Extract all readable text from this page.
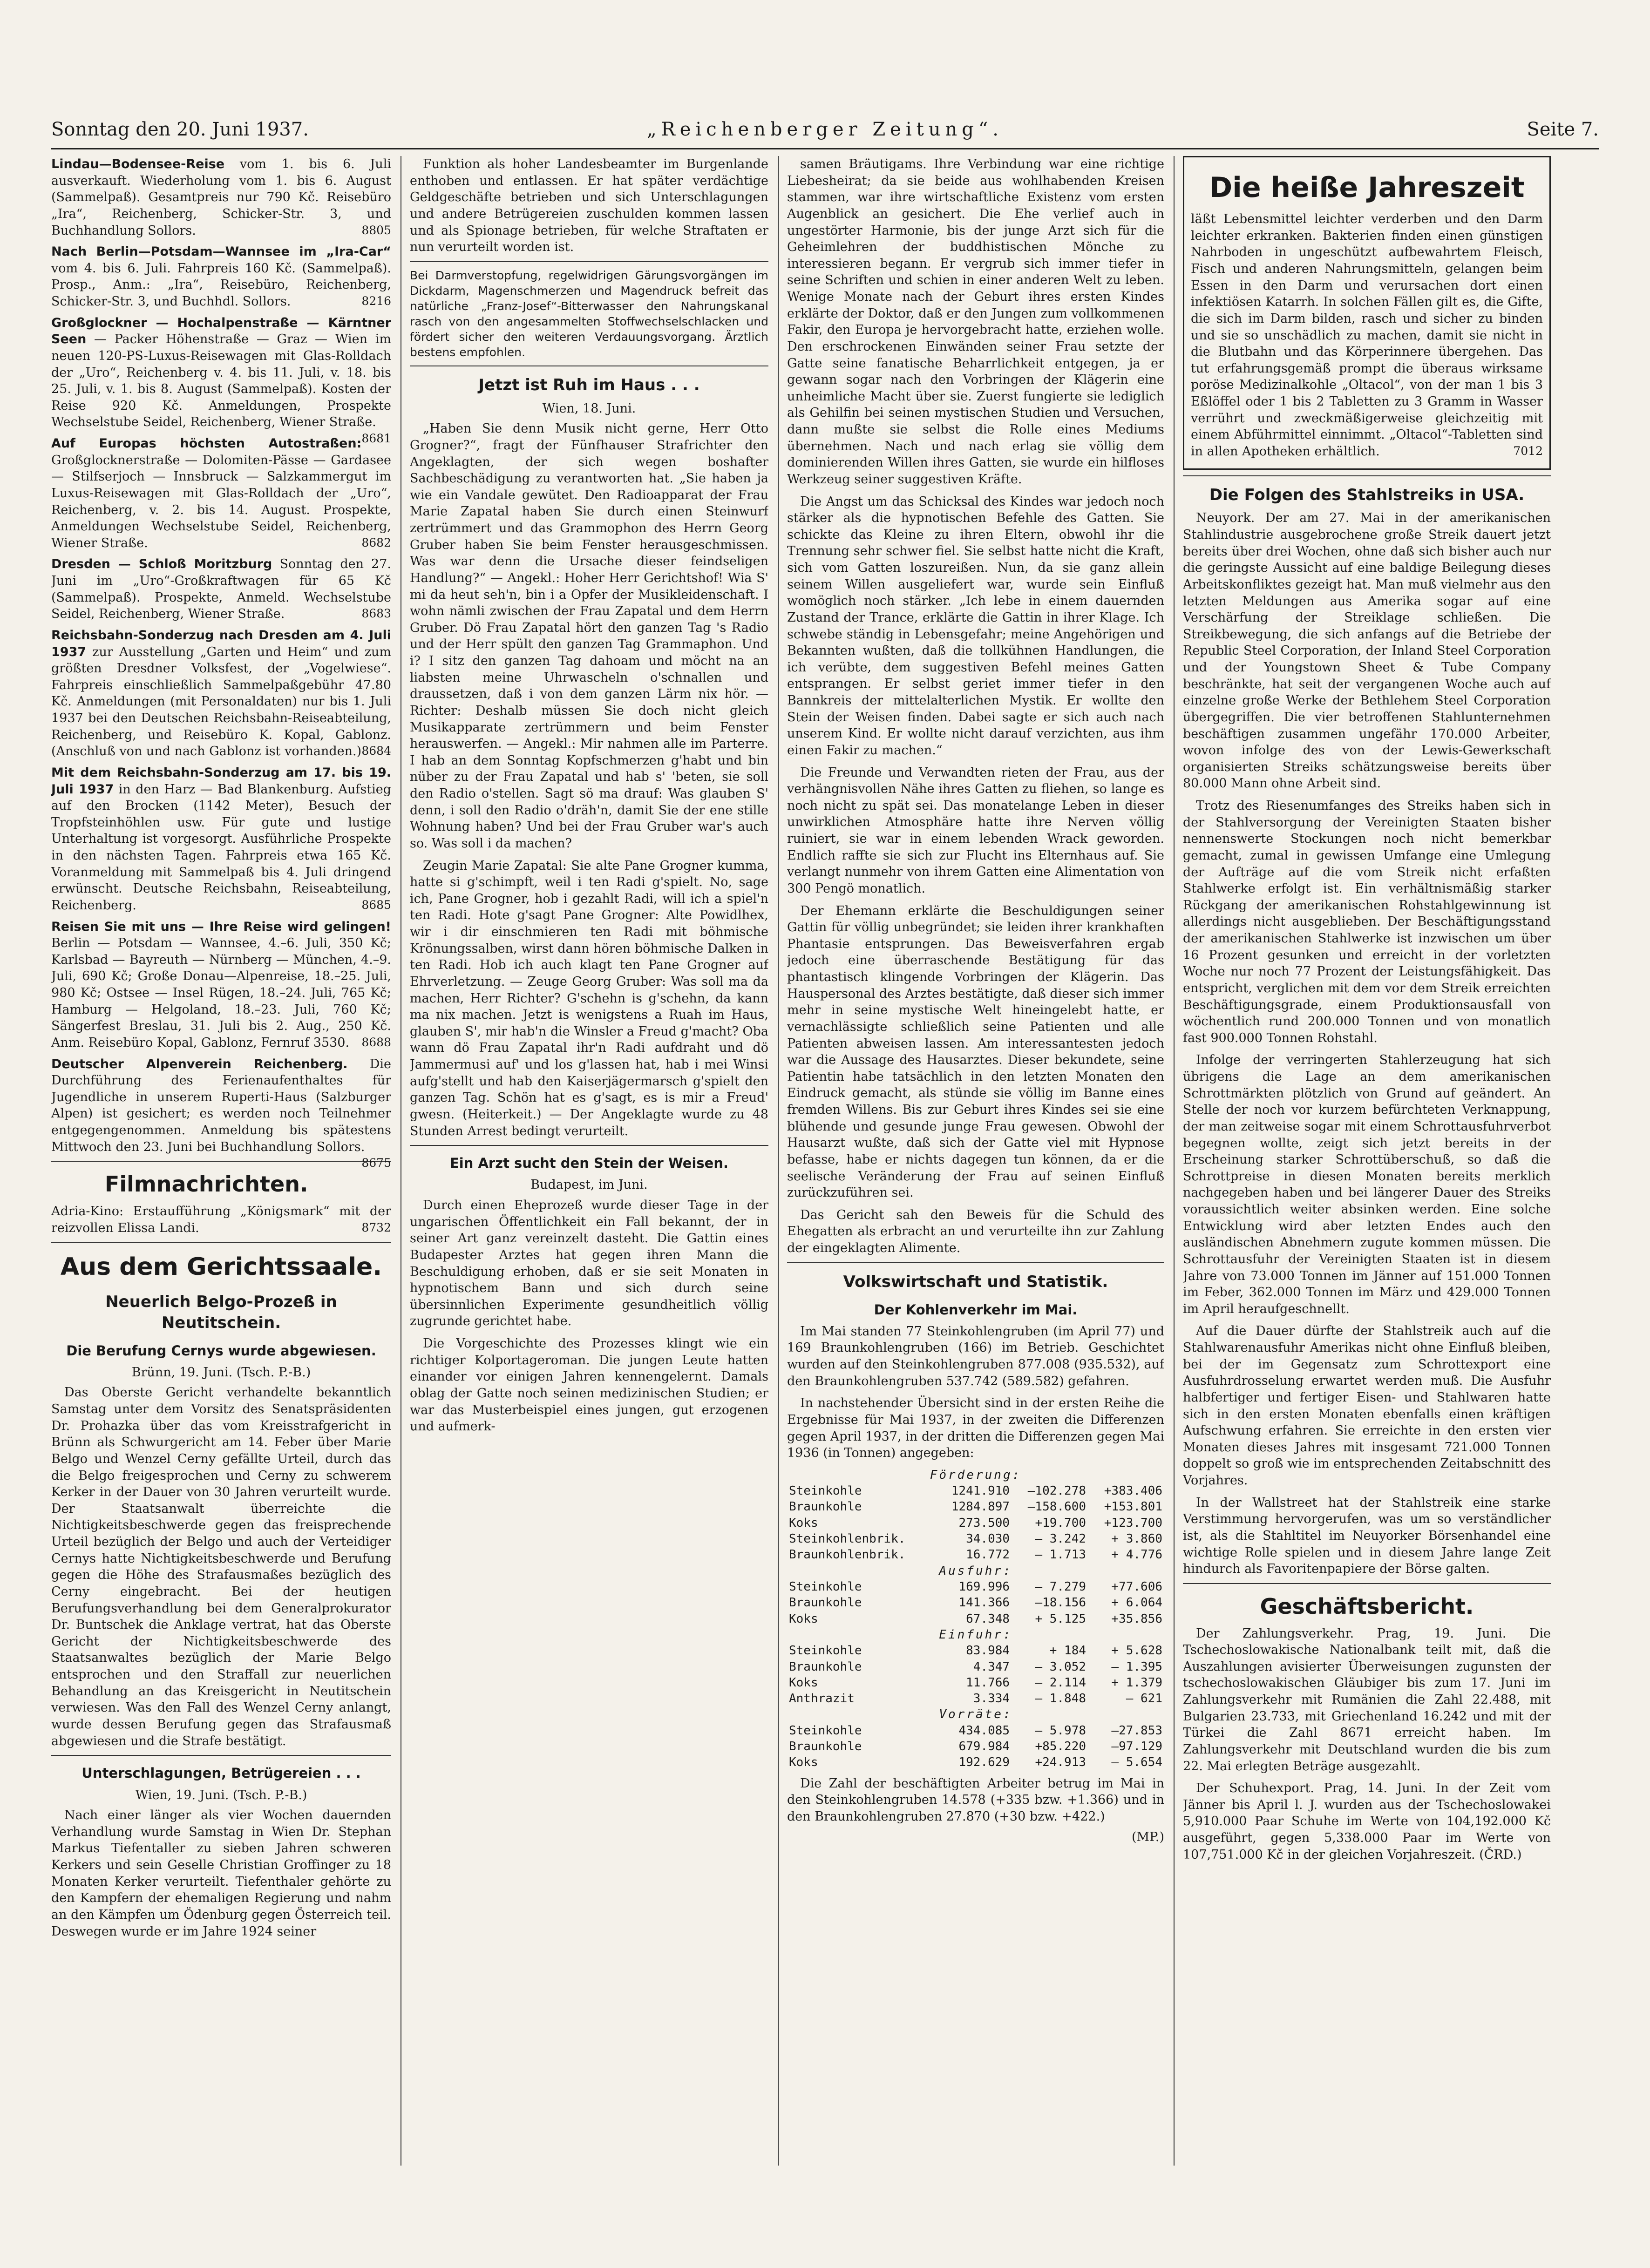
Sonntag den 20. Juni 1937.	„Reichenberger Zeitung“.	Seite 7.

Lindau—Bodensee-Reise vom 1. bis 6. Juli ausverkauft. Wiederholung vom 1. bis 6. August (Sammelpaß). Gesamtpreis nur 790 Kč. Reisebüro „Ira“, Reichenberg, Schicker-Str. 3, und Buchhandlung Sollors.	8805

Nach Berlin—Potsdam—Wannsee im „Ira-Car“ vom 4. bis 6. Juli. Fahrpreis 160 Kč. (Sammelpaß). Prosp., Anm.: „Ira“, Reisebüro, Reichenberg, Schicker-Str. 3, und Buchhdl. Sollors.	8216

Großglockner — Hochalpenstraße — Kärntner Seen — Packer Höhenstraße — Graz — Wien im neuen 120-PS-Luxus-Reisewagen mit Glas-Rolldach der „Uro“, Reichenberg v. 4. bis 11. Juli, v. 18. bis 25. Juli, v. 1. bis 8. August (Sammelpaß). Kosten der Reise 920 Kč. Anmeldungen, Prospekte Wechselstube Seidel, Reichenberg, Wiener Straße.
8681

Auf Europas höchsten Autostraßen: Großglocknerstraße — Dolomiten-Pässe — Gardasee — Stilfserjoch — Innsbruck — Salzkammergut im Luxus-Reisewagen mit Glas-Rolldach der „Uro“, Reichenberg, v. 2. bis 14. August. Prospekte, Anmeldungen Wechselstube Seidel, Reichenberg, Wiener Straße.	8682

Dresden — Schloß Moritzburg Sonntag den 27. Juni im „Uro“-Großkraftwagen für 65 Kč (Sammelpaß). Prospekte, Anmeld. Wechselstube Seidel, Reichenberg, Wiener Straße.	8683

Reichsbahn-Sonderzug nach Dresden am 4. Juli 1937 zur Ausstellung „Garten und Heim“ und zum größten Dresdner Volksfest, der „Vogelwiese“. Fahrpreis einschließlich Sammelpaßgebühr 47.80 Kč. Anmeldungen (mit Personaldaten) nur bis 1. Juli 1937 bei den Deutschen Reichsbahn-Reiseabteilung, Reichenberg, und Reisebüro K. Kopal, Gablonz. (Anschluß von und nach Gablonz ist vorhanden.) 8684

Mit dem Reichsbahn-Sonderzug am 17. bis 19. Juli 1937 in den Harz — Bad Blankenburg. Aufstieg auf den Brocken (1142 Meter), Besuch der Tropfsteinhöhlen usw. Für gute und lustige Unterhaltung ist vorgesorgt. Ausführliche Prospekte in den nächsten Tagen. Fahrpreis etwa 165 Kč. Voranmeldung mit Sammelpaß bis 4. Juli dringend erwünscht. Deutsche Reichsbahn, Reiseabteilung, Reichenberg.	8685

Reisen Sie mit uns — Ihre Reise wird gelingen! Berlin — Potsdam — Wannsee, 4.–6. Juli, 350 Kč; Karlsbad — Bayreuth — Nürnberg — München, 4.–9. Juli, 690 Kč; Große Donau—Alpenreise, 18.–25. Juli, 980 Kč; Ostsee — Insel Rügen, 18.–24. Juli, 765 Kč; Hamburg — Helgoland, 18.–23. Juli, 760 Kč; Sängerfest Breslau, 31. Juli bis 2. Aug., 250 Kč. Anm. Reisebüro Kopal, Gablonz, Fernruf 3530. 8688

Deutscher Alpenverein Reichenberg. Die Durchführung des Ferienaufenthaltes für Jugendliche in unserem Ruperti-Haus (Salzburger Alpen) ist gesichert; es werden noch Teilnehmer entgegengenommen. Anmeldung bis spätestens Mittwoch den 23. Juni bei Buchhandlung Sollors.
8675

Filmnachrichten.

Adria-Kino: Erstaufführung „Königsmark“ mit der reizvollen Elissa Landi.	8732

Aus dem Gerichtssaale.
Neuerlich Belgo-Prozeß in Neutitschein.
Die Berufung Cernys wurde abgewiesen.
Brünn, 19. Juni. (Tsch. P.-B.)

Das Oberste Gericht verhandelte bekanntlich Samstag unter dem Vorsitz des Senatspräsidenten Dr. Prohazka über das vom Kreisstrafgericht in Brünn als Schwurgericht am 14. Feber über Marie Belgo und Wenzel Cerny gefällte Urteil, durch das die Belgo freigesprochen und Cerny zu schwerem Kerker in der Dauer von 30 Jahren verurteilt wurde. Der Staatsanwalt überreichte die Nichtigkeitsbeschwerde gegen das freisprechende Urteil bezüglich der Belgo und auch der Verteidiger Cernys hatte Nichtigkeitsbeschwerde und Berufung gegen die Höhe des Strafausmaßes bezüglich des Cerny eingebracht. Bei der heutigen Berufungsverhandlung bei dem Generalprokurator Dr. Buntschek die Anklage vertrat, hat das Oberste Gericht der Nichtigkeitsbeschwerde des Staatsanwaltes bezüglich der Marie Belgo entsprochen und den Straffall zur neuerlichen Behandlung an das Kreisgericht in Neutitschein verwiesen. Was den Fall des Wenzel Cerny anlangt, wurde dessen Berufung gegen das Strafausmaß abgewiesen und die Strafe bestätigt.

Unterschlagungen, Betrügereien . . .
Wien, 19. Juni. (Tsch. P.-B.)

Nach einer länger als vier Wochen dauernden Verhandlung wurde Samstag in Wien Dr. Stephan Markus Tiefentaller zu sieben Jahren schweren Kerkers und sein Geselle Christian Groffinger zu 18 Monaten Kerker verurteilt. Tiefenthaler gehörte zu den Kampfern der ehemaligen Regierung und nahm an den Kämpfen um Ödenburg gegen Österreich teil. Deswegen wurde er im Jahre 1924 seiner

Funktion als hoher Landesbeamter im Burgenlande enthoben und entlassen. Er hat später verdächtige Geldgeschäfte betrieben und sich Unterschlagungen und andere Betrügereien zuschulden kommen lassen und als Spionage betrieben, für welche Straftaten er nun verurteilt worden ist.

Bei Darmverstopfung, regelwidrigen Gärungsvorgängen im Dickdarm, Magenschmerzen und Magendruck befreit das natürliche „Franz-Josef“-Bitterwasser den Nahrungskanal rasch von den angesammelten Stoffwechselschlacken und fördert sicher den weiteren Verdauungsvorgang. Ärztlich bestens empfohlen.

Jetzt ist Ruh im Haus . . .
Wien, 18. Juni.

„Haben Sie denn Musik nicht gerne, Herr Otto Grogner?“, fragt der Fünfhauser Strafrichter den Angeklagten, der sich wegen boshafter Sachbeschädigung zu verantworten hat. „Sie haben ja wie ein Vandale gewütet. Den Radioapparat der Frau Marie Zapatal haben Sie durch einen Steinwurf zertrümmert und das Grammophon des Herrn Georg Gruber haben Sie beim Fenster herausgeschmissen. Was war denn die Ursache dieser feindseligen Handlung?“ — Angekl.: Hoher Herr Gerichtshof! Wia S' mi da heut seh'n, bin i a Opfer der Musikleidenschaft. I wohn nämli zwischen der Frau Zapatal und dem Herrn Gruber. Dö Frau Zapatal hört den ganzen Tag 's Radio und der Herr spült den ganzen Tag Grammaphon. Und i? I sitz den ganzen Tag dahoam und möcht na an liabsten meine Uhrwascheln o'schnallen und draussetzen, daß i von dem ganzen Lärm nix hör. — Richter: Deshalb müssen Sie doch nicht gleich Musikapparate zertrümmern und beim Fenster herauswerfen. — Angekl.: Mir nahmen alle im Parterre. I hab an dem Sonntag Kopfschmerzen g'habt und bin nüber zu der Frau Zapatal und hab s' 'beten, sie soll den Radio o'stellen. Sagt sö ma drauf: Was glauben S' denn, i soll den Radio o'dräh'n, damit Sie der ene stille Wohnung haben? Und bei der Frau Gruber war's auch so. Was soll i da machen?

Zeugin Marie Zapatal: Sie alte Pane Grogner kumma, hatte si g'schimpft, weil i ten Radi g'spielt. No, sage ich, Pane Grogner, hob i gezahlt Radi, will ich a spiel'n ten Radi. Hote g'sagt Pane Grogner: Alte Powidlhex, wir i dir einschmieren ten Radi mit böhmische Krönungssalben, wirst dann hören böhmische Dalken in ten Radi. Hob ich auch klagt ten Pane Grogner auf Ehrverletzung. — Zeuge Georg Gruber: Was soll ma da machen, Herr Richter? G'schehn is g'schehn, da kann ma nix machen. Jetzt is wenigstens a Ruah im Haus, glauben S', mir hab'n die Winsler a Freud g'macht? Oba wann dö Frau Zapatal ihr'n Radi aufdraht und dö Jammermusi auf' und los g'lassen hat, hab i mei Winsi aufg'stellt und hab den Kaiserjägermarsch g'spielt den ganzen Tag. Schön hat es g'sagt, es is mir a Freud' gwesn. (Heiterkeit.) — Der Angeklagte wurde zu 48 Stunden Arrest bedingt verurteilt.

Ein Arzt sucht den Stein der Weisen.
Budapest, im Juni.

Durch einen Eheprozeß wurde dieser Tage in der ungarischen Öffentlichkeit ein Fall bekannt, der in seiner Art ganz vereinzelt dasteht. Die Gattin eines Budapester Arztes hat gegen ihren Mann die Beschuldigung erhoben, daß er sie seit Monaten in hypnotischem Bann und sich durch seine übersinnlichen Experimente gesundheitlich völlig zugrunde gerichtet habe.

Die Vorgeschichte des Prozesses klingt wie ein richtiger Kolportageroman. Die jungen Leute hatten einander vor einigen Jahren kennengelernt. Damals oblag der Gatte noch seinen medizinischen Studien; er war das Musterbeispiel eines jungen, gut erzogenen und aufmerk-

samen Bräutigams. Ihre Verbindung war eine richtige Liebesheirat; da sie beide aus wohlhabenden Kreisen stammen, war ihre wirtschaftliche Existenz vom ersten Augenblick an gesichert. Die Ehe verlief auch in ungestörter Harmonie, bis der junge Arzt sich für die Geheimlehren der buddhistischen Mönche zu interessieren begann. Er vergrub sich immer tiefer in seine Schriften und schien in einer anderen Welt zu leben. Wenige Monate nach der Geburt ihres ersten Kindes erklärte der Doktor, daß er den Jungen zum vollkommenen Fakir, den Europa je hervorgebracht hatte, erziehen wolle. Den erschrockenen Einwänden seiner Frau setzte der Gatte seine fanatische Beharrlichkeit entgegen, ja er gewann sogar nach den Vorbringen der Klägerin eine unheimliche Macht über sie. Zuerst fungierte sie lediglich als Gehilfin bei seinen mystischen Studien und Versuchen, dann mußte sie selbst die Rolle eines Mediums übernehmen. Nach und nach erlag sie völlig dem dominierenden Willen ihres Gatten, sie wurde ein hilfloses Werkzeug seiner suggestiven Kräfte.

Die Angst um das Schicksal des Kindes war jedoch noch stärker als die hypnotischen Befehle des Gatten. Sie schickte das Kleine zu ihren Eltern, obwohl ihr die Trennung sehr schwer fiel. Sie selbst hatte nicht die Kraft, sich vom Gatten loszureißen. Nun, da sie ganz allein seinem Willen ausgeliefert war, wurde sein Einfluß womöglich noch stärker. „Ich lebe in einem dauernden Zustand der Trance, erklärte die Gattin in ihrer Klage. Ich schwebe ständig in Lebensgefahr; meine Angehörigen und Bekannten wußten, daß die tollkühnen Handlungen, die ich verübte, dem suggestiven Befehl meines Gatten entsprangen. Er selbst geriet immer tiefer in den Bannkreis der mittelalterlichen Mystik. Er wollte den Stein der Weisen finden. Dabei sagte er sich auch nach unserem Kind. Er wollte nicht darauf verzichten, aus ihm einen Fakir zu machen.“

Die Freunde und Verwandten rieten der Frau, aus der verhängnisvollen Nähe ihres Gatten zu fliehen, so lange es noch nicht zu spät sei. Das monatelange Leben in dieser unwirklichen Atmosphäre hatte ihre Nerven völlig ruiniert, sie war in einem lebenden Wrack geworden. Endlich raffte sie sich zur Flucht ins Elternhaus auf. Sie verlangt nunmehr von ihrem Gatten eine Alimentation von 300 Pengö monatlich.

Der Ehemann erklärte die Beschuldigungen seiner Gattin für völlig unbegründet; sie leiden ihrer krankhaften Phantasie entsprungen. Das Beweisverfahren ergab jedoch eine überraschende Bestätigung für das phantastisch klingende Vorbringen der Klägerin. Das Hauspersonal des Arztes bestätigte, daß dieser sich immer mehr in seine mystische Welt hineingelebt hatte, er vernachlässigte schließlich seine Patienten und alle Patienten abweisen lassen. Am interessantesten jedoch war die Aussage des Hausarztes. Dieser bekundete, seine Patientin habe tatsächlich in den letzten Monaten den Eindruck gemacht, als stünde sie völlig im Banne eines fremden Willens. Bis zur Geburt ihres Kindes sei sie eine blühende und gesunde junge Frau gewesen. Obwohl der Hausarzt wußte, daß sich der Gatte viel mit Hypnose befasse, habe er nichts dagegen tun können, da er die seelische Veränderung der Frau auf seinen Einfluß zurückzuführen sei.

Das Gericht sah den Beweis für die Schuld des Ehegatten als erbracht an und verurteilte ihn zur Zahlung der eingeklagten Alimente.

Volkswirtschaft und Statistik.
Der Kohlenverkehr im Mai.

Im Mai standen 77 Steinkohlengruben (im April 77) und 169 Braunkohlengruben (166) im Betrieb. Geschichtet wurden auf den Steinkohlengruben 877.008 (935.532), auf den Braunkohlengruben 537.742 (589.582) gefahren.

In nachstehender Übersicht sind in der ersten Reihe die Ergebnisse für Mai 1937, in der zweiten die Differenzen gegen April 1937, in der dritten die Differenzen gegen Mai 1936 (in Tonnen) angegeben:

Förderung:			
Steinkohle	1241.910	—102.278	+383.406
Braunkohle	1284.897	—158.600	+153.801
Koks	273.500	+19.700	+123.700
Steinkohlenbrik.	34.030	— 3.242	+ 3.860
Braunkohlenbrik.	16.772	— 1.713	+ 4.776
Ausfuhr:			
Steinkohle	169.996	— 7.279	+77.606
Braunkohle	141.366	—18.156	+ 6.064
Koks	67.348	+ 5.125	+35.856
Einfuhr:			
Steinkohle	83.984	+ 184	+ 5.628
Braunkohle	4.347	— 3.052	— 1.395
Koks	11.766	— 2.114	+ 1.379
Anthrazit	3.334	— 1.848	— 621
Vorräte:			
Steinkohle	434.085	— 5.978	—27.853
Braunkohle	679.984	+85.220	—97.129
Koks	192.629	+24.913	— 5.654

Die Zahl der beschäftigten Arbeiter betrug im Mai in den Steinkohlengruben 14.578 (+335 bzw. +1.366) und in den Braunkohlengruben 27.870 (+30 bzw. +422.)

(MP.)
Die heiße Jahreszeit

läßt Lebensmittel leichter verderben und den Darm leichter erkranken. Bakterien finden einen günstigen Nahrboden in ungeschützt aufbewahrtem Fleisch, Fisch und anderen Nahrungsmitteln, gelangen beim Essen in den Darm und verursachen dort einen infektiösen Katarrh. In solchen Fällen gilt es, die Gifte, die sich im Darm bilden, rasch und sicher zu binden und sie so unschädlich zu machen, damit sie nicht in die Blutbahn und das Körperinnere übergehen. Das tut erfahrungsgemäß prompt die überaus wirksame poröse Medizinalkohle „Oltacol“, von der man 1 bis 3 Eßlöffel oder 1 bis 2 Tabletten zu 3 Gramm in Wasser verrührt und zweckmäßigerweise gleichzeitig mit einem Abführmittel einnimmt. „Oltacol“-Tabletten sind in allen Apotheken erhältlich.	7012

Die Folgen des Stahlstreiks in USA.

Neuyork. Der am 27. Mai in der amerikanischen Stahlindustrie ausgebrochene große Streik dauert jetzt bereits über drei Wochen, ohne daß sich bisher auch nur die geringste Aussicht auf eine baldige Beilegung dieses Arbeitskonfliktes gezeigt hat. Man muß vielmehr aus den letzten Meldungen aus Amerika sogar auf eine Verschärfung der Streiklage schließen. Die Streikbewegung, die sich anfangs auf die Betriebe der Republic Steel Corporation, der Inland Steel Corporation und der Youngstown Sheet & Tube Company beschränkte, hat seit der vergangenen Woche auch auf einzelne große Werke der Bethlehem Steel Corporation übergegriffen. Die vier betroffenen Stahlunternehmen beschäftigen zusammen ungefähr 170.000 Arbeiter, wovon infolge des von der Lewis-Gewerkschaft organisierten Streiks schätzungsweise bereits über 80.000 Mann ohne Arbeit sind.

Trotz des Riesenumfanges des Streiks haben sich in der Stahlversorgung der Vereinigten Staaten bisher nennenswerte Stockungen noch nicht bemerkbar gemacht, zumal in gewissen Umfange eine Umlegung der Aufträge auf die vom Streik nicht erfaßten Stahlwerke erfolgt ist. Ein verhältnismäßig starker Rückgang der amerikanischen Rohstahlgewinnung ist allerdings nicht ausgeblieben. Der Beschäftigungsstand der amerikanischen Stahlwerke ist inzwischen um über 16 Prozent gesunken und erreicht in der vorletzten Woche nur noch 77 Prozent der Leistungsfähigkeit. Das entspricht, verglichen mit dem vor dem Streik erreichten Beschäftigungsgrade, einem Produktionsausfall von wöchentlich rund 200.000 Tonnen und von monatlich fast 900.000 Tonnen Rohstahl.

Infolge der verringerten Stahlerzeugung hat sich übrigens die Lage an dem amerikanischen Schrottmärkten plötzlich von Grund auf geändert. An Stelle der noch vor kurzem befürchteten Verknappung, der man zeitweise sogar mit einem Schrottausfuhrverbot begegnen wollte, zeigt sich jetzt bereits in der Erscheinung starker Schrottüberschuß, so daß die Schrottpreise in diesen Monaten bereits merklich nachgegeben haben und bei längerer Dauer des Streiks voraussichtlich weiter absinken werden. Eine solche Entwicklung wird aber letzten Endes auch den ausländischen Abnehmern zugute kommen müssen. Die Schrottausfuhr der Vereinigten Staaten ist in diesem Jahre von 73.000 Tonnen im Jänner auf 151.000 Tonnen im Feber, 362.000 Tonnen im März und 429.000 Tonnen im April heraufgeschnellt.

Auf die Dauer dürfte der Stahlstreik auch auf die Stahlwarenausfuhr Amerikas nicht ohne Einfluß bleiben, bei der im Gegensatz zum Schrottexport eine Ausfuhrdrosselung erwartet werden muß. Die Ausfuhr halbfertiger und fertiger Eisen- und Stahlwaren hatte sich in den ersten Monaten ebenfalls einen kräftigen Aufschwung erfahren. Sie erreichte in den ersten vier Monaten dieses Jahres mit insgesamt 721.000 Tonnen doppelt so groß wie im entsprechenden Zeitabschnitt des Vorjahres.

In der Wallstreet hat der Stahlstreik eine starke Verstimmung hervorgerufen, was um so verständlicher ist, als die Stahltitel im Neuyorker Börsenhandel eine wichtige Rolle spielen und in diesem Jahre lange Zeit hindurch als Favoritenpapiere der Börse galten.

Geschäftsbericht.

Der Zahlungsverkehr. Prag, 19. Juni. Die Tschechoslowakische Nationalbank teilt mit, daß die Auszahlungen avisierter Überweisungen zugunsten der tschechoslowakischen Gläubiger bis zum 17. Juni im Zahlungsverkehr mit Rumänien die Zahl 22.488, mit Bulgarien 23.733, mit Griechenland 16.242 und mit der Türkei die Zahl 8671 erreicht haben. Im Zahlungsverkehr mit Deutschland wurden die bis zum 22. Mai erlegten Beträge ausgezahlt.

Der Schuhexport. Prag, 14. Juni. In der Zeit vom Jänner bis April l. J. wurden aus der Tschechoslowakei 5,910.000 Paar Schuhe im Werte von 104,192.000 Kč ausgeführt, gegen 5,338.000 Paar im Werte von 107,751.000 Kč in der gleichen Vorjahreszeit. (ČRD.)
